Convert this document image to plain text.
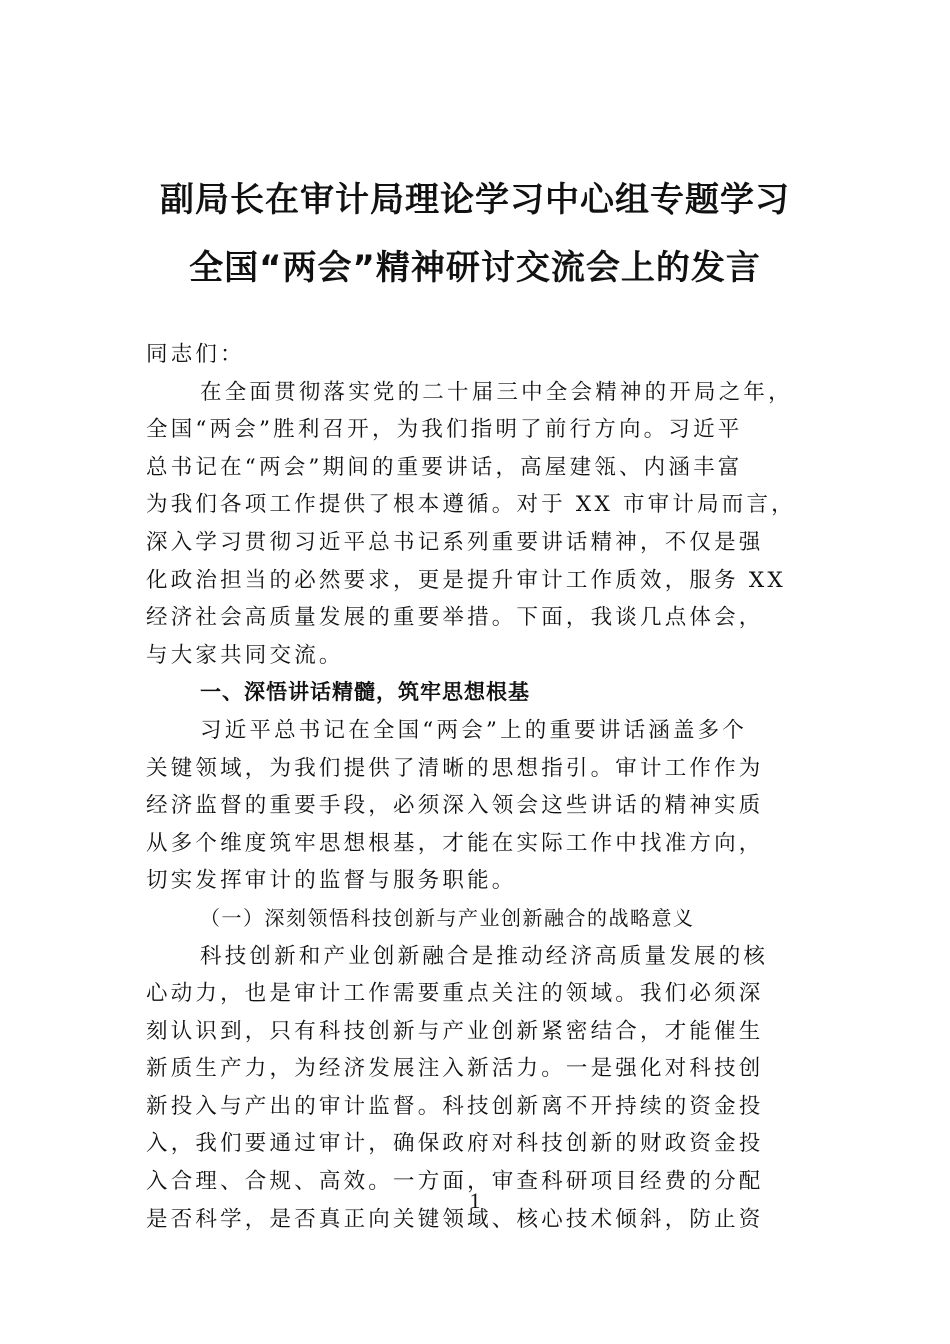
副局长在审计局理论学习中心组专题学习
全国“两会”精神研讨交流会上的发言
同志们：
在全面贯彻落实党的二十届三中全会精神的开局之年，
全国“两会”胜利召开，为我们指明了前行方向。习近平
总书记在“两会”期间的重要讲话，高屋建瓴、内涵丰富
为我们各项工作提供了根本遵循。对于 XX 市审计局而言，
深入学习贯彻习近平总书记系列重要讲话精神，不仅是强
化政治担当的必然要求，更是提升审计工作质效，服务 XX
经济社会高质量发展的重要举措。下面，我谈几点体会，
与大家共同交流。
一、深悟讲话精髓，筑牢思想根基
习近平总书记在全国“两会”上的重要讲话涵盖多个
关键领域，为我们提供了清晰的思想指引。审计工作作为
经济监督的重要手段，必须深入领会这些讲话的精神实质
从多个维度筑牢思想根基，才能在实际工作中找准方向，
切实发挥审计的监督与服务职能。
（一）深刻领悟科技创新与产业创新融合的战略意义
科技创新和产业创新融合是推动经济高质量发展的核
心动力，也是审计工作需要重点关注的领域。我们必须深
刻认识到，只有科技创新与产业创新紧密结合，才能催生
新质生产力，为经济发展注入新活力。一是强化对科技创
新投入与产出的审计监督。科技创新离不开持续的资金投
入，我们要通过审计，确保政府对科技创新的财政资金投
入合理、合规、高效。一方面，审查科研项目经费的分配
是否科学，是否真正向关键领域、核心技术倾斜，防止资
1
